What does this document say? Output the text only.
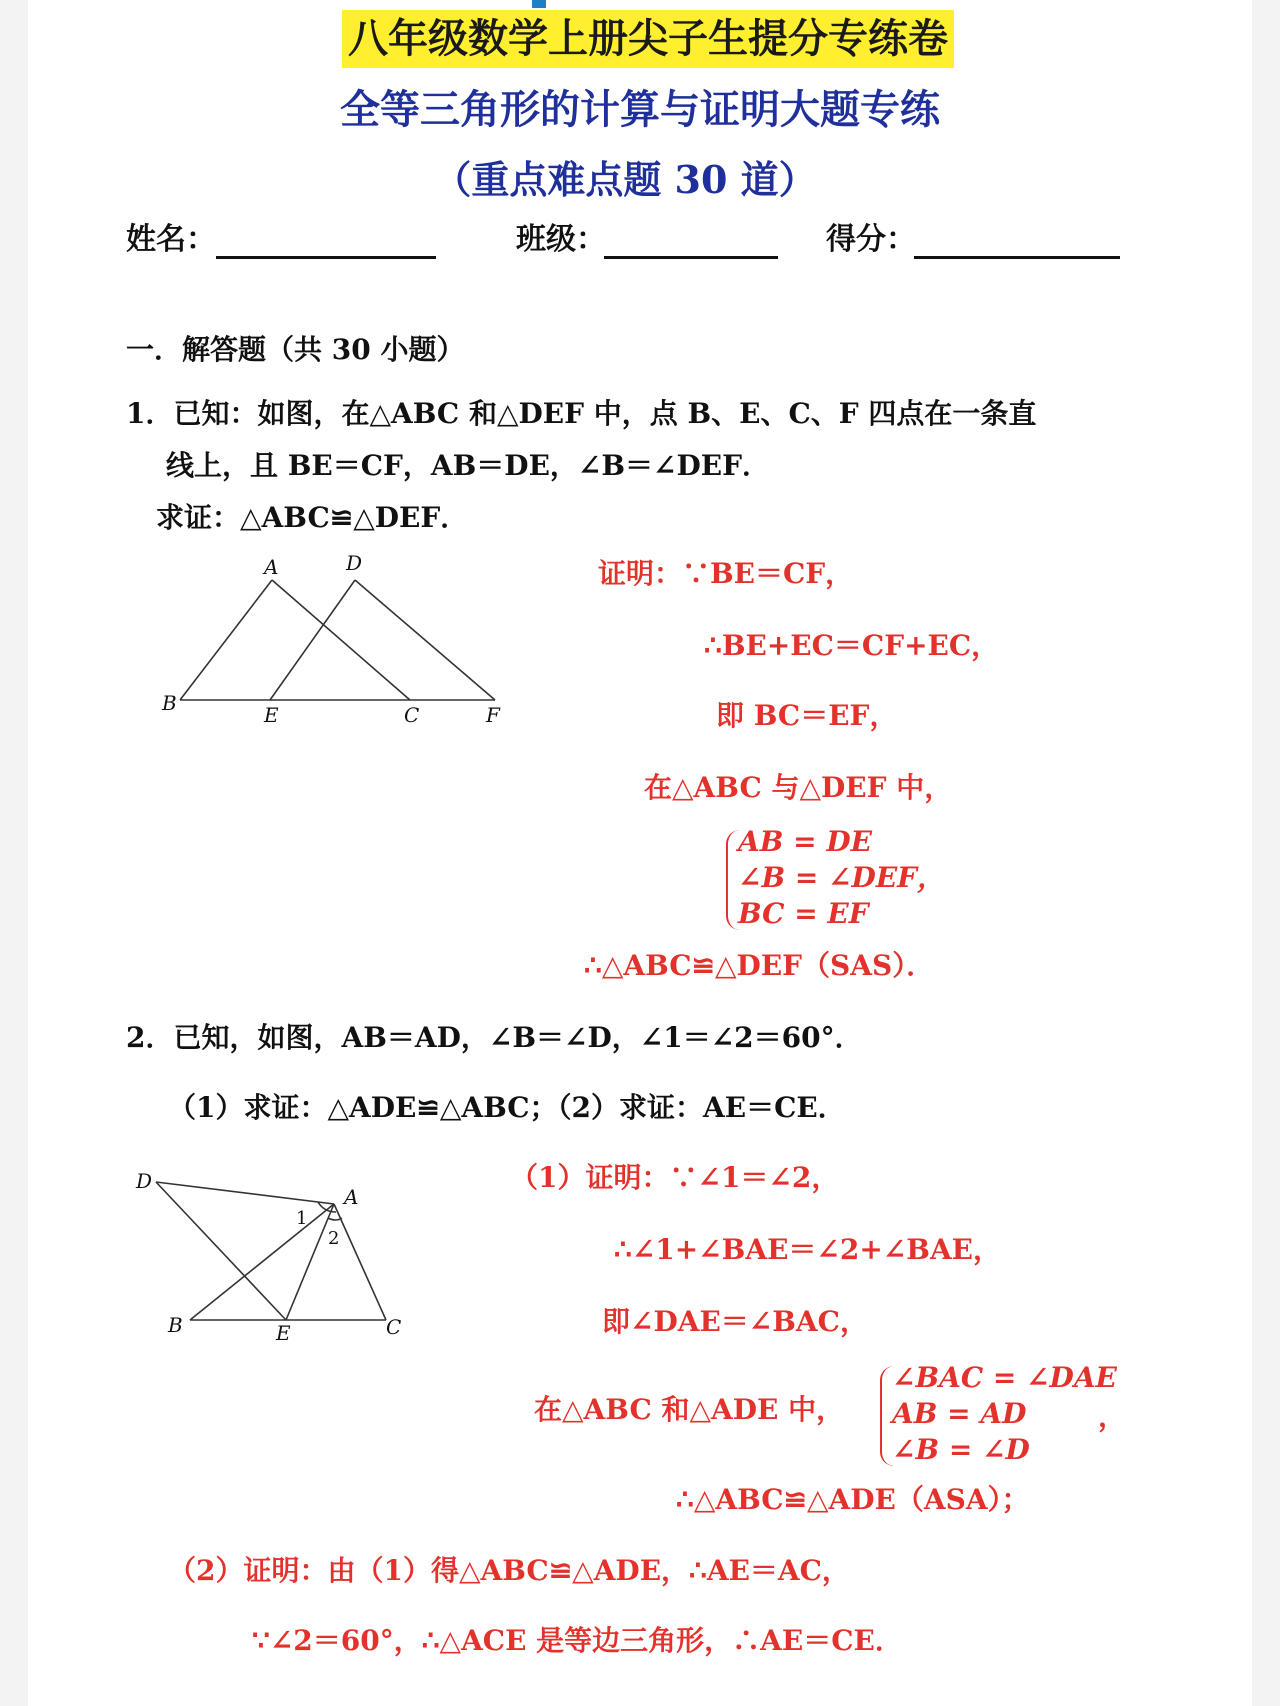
八年级数学上册尖子生提分专练卷
全等三角形的计算与证明大题专练
（重点难点题 30 道）
姓名：	班级：	得分：
一．解答题（共 30 小题）
1．已知：如图，在△ABC 和△DEF 中，点 B、E、C、F 四点在一条直
线上，且 BE＝CF，AB＝DE，∠B＝∠DEF．
求证：△ABC≌△DEF．
A	D
B	E	C	F
证明：∵BE＝CF，
∴BE+EC＝CF+EC，
即 BC＝EF，
在△ABC 与△DEF 中，
AB = DE
∠B = ∠DEF，
BC = EF
∴△ABC≌△DEF（SAS）．
2．已知，如图，AB＝AD，∠B＝∠D，∠1＝∠2＝60°．
（1）求证：△ADE≌△ABC；（2）求证：AE＝CE．
D
A
B	E	C
1
2
（1）证明：∵∠1＝∠2，
∴∠1+∠BAE＝∠2+∠BAE，
即∠DAE＝∠BAC，
在△ABC 和△ADE 中，
∠BAC = ∠DAE
AB = AD
∠B = ∠D
，
∴△ABC≌△ADE（ASA）；
（2）证明：由（1）得△ABC≌△ADE，∴AE＝AC，
∵∠2＝60°，∴△ACE 是等边三角形，∴AE＝CE．
